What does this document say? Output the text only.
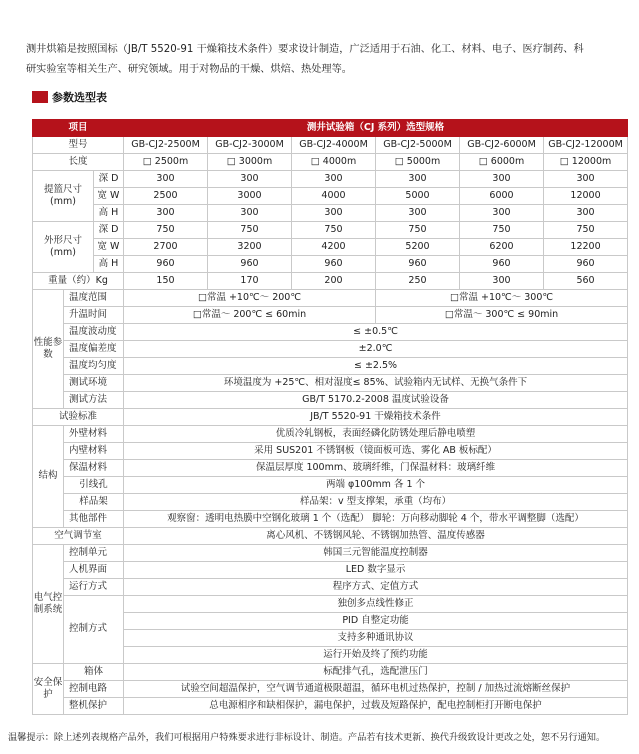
测井烘箱是按照国标（JB/T 5520-91 干燥箱技术条件）要求设计制造，广泛适用于石油、化工、材料、电子、医疗制药、科

研实验室等相关生产、研究领域。用于对物品的干燥、烘焙、热处理等。

参数选型表
项目			测井试验箱（CJ 系列）选型规格					
型号			GB-CJ2-2500M	GB-CJ2-3000M	GB-CJ2-4000M	GB-CJ2-5000M	GB-CJ2-6000M	GB-CJ2-12000M
长度			□ 2500m	□ 3000m	□ 4000m	□ 5000m	□ 6000m	□ 12000m
提篮尺寸(mm)		深 D	300	300	300	300	300	300
		宽 W	2500	3000	4000	5000	6000	12000
		高 H	300	300	300	300	300	300
外形尺寸(mm)		深 D	750	750	750	750	750	750
		宽 W	2700	3200	4200	5200	6200	12200
		高 H	960	960	960	960	960	960
重量（约）Kg			150	170	200	250	300	560
性能参数	温度范围		□常温 +10℃～ 200℃			□常温 +10℃～ 300℃		
	升温时间		□常温～ 200℃ ≤ 60min			□常温～ 300℃ ≤ 90min		
	温度波动度		≤ ±0.5℃					
	温度偏差度		±2.0℃					
	温度均匀度		≤ ±2.5%					
	测试环境		环境温度为 +25℃、相对湿度≤ 85%、试验箱内无试样、无换气条件下					
	测试方法		GB/T 5170.2-2008 温度试验设备					
试验标准			JB/T 5520-91 干燥箱技术条件					
结构	外壁材料		优质冷轧钢板，表面经磷化防锈处理后静电喷塑					
	内壁材料		采用 SUS201 不锈钢板（镜面板可选、雾化 AB 板标配）					
	保温材料		保温层厚度 100mm、玻璃纤维，门保温材料：玻璃纤维					
	引线孔		两端 φ100mm 各 1 个					
	样品架		样品架：v 型支撑架，承重（均布）					
	其他部件		观察窗：透明电热膜中空钢化玻璃 1 个（选配） 脚轮：万向移动脚轮 4 个，带水平调整脚（选配）					
空气调节室			离心风机、不锈钢风轮、不锈钢加热管、温度传感器					
电气控制系统	控制单元		韩国三元智能温度控制器					
	人机界面		LED 数字显示					
	运行方式		程序方式、定值方式					
	控制方式		独创多点线性修正					
			PID 自整定功能					
			支持多种通讯协议					
			运行开始及终了预约功能					
安全保护	箱体		标配排气孔，选配泄压门					
	控制电路		试验空间超温保护，空气调节通道极限超温，循环电机过热保护，控制 / 加热过流熔断丝保护					
	整机保护		总电源相序和缺相保护，漏电保护，过载及短路保护，配电控制柜打开断电保护					
温馨提示：除上述列表规格产品外，我们可根据用户特殊要求进行非标设计、制造。产品若有技术更新、换代升级致设计更改之处，恕不另行通知。
